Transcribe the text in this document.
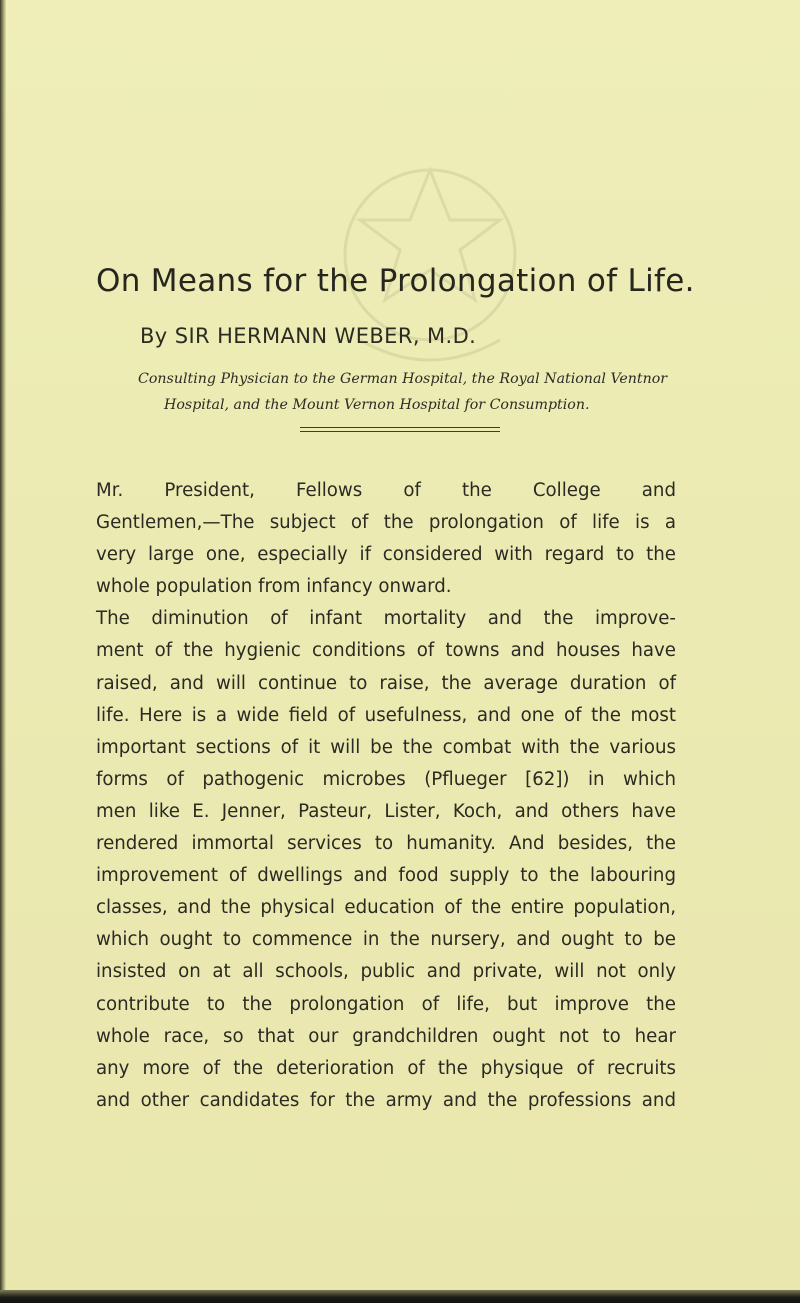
On Means for the Prolongation of Life.
By SIR HERMANN WEBER, M.D.
Consulting Physician to the German Hospital, the Royal National Ventnor
Hospital, and the Mount Vernon Hospital for Consumption.

Mr. President, Fellows of the College and

Gentlemen,—The subject of the prolongation of life is a

very large one, especially if considered with regard to the

whole population from infancy onward.

The diminution of infant mortality and the improve-

ment of the hygienic conditions of towns and houses have

raised, and will continue to raise, the average duration of

life. Here is a wide field of usefulness, and one of the most

important sections of it will be the combat with the various

forms of pathogenic microbes (Pflueger [62]) in which

men like E. Jenner, Pasteur, Lister, Koch, and others have

rendered immortal services to humanity. And besides, the

improvement of dwellings and food supply to the labouring

classes, and the physical education of the entire population,

which ought to commence in the nursery, and ought to be

insisted on at all schools, public and private, will not only

contribute to the prolongation of life, but improve the

whole race, so that our grandchildren ought not to hear

any more of the deterioration of the physique of recruits

and other candidates for the army and the professions and
